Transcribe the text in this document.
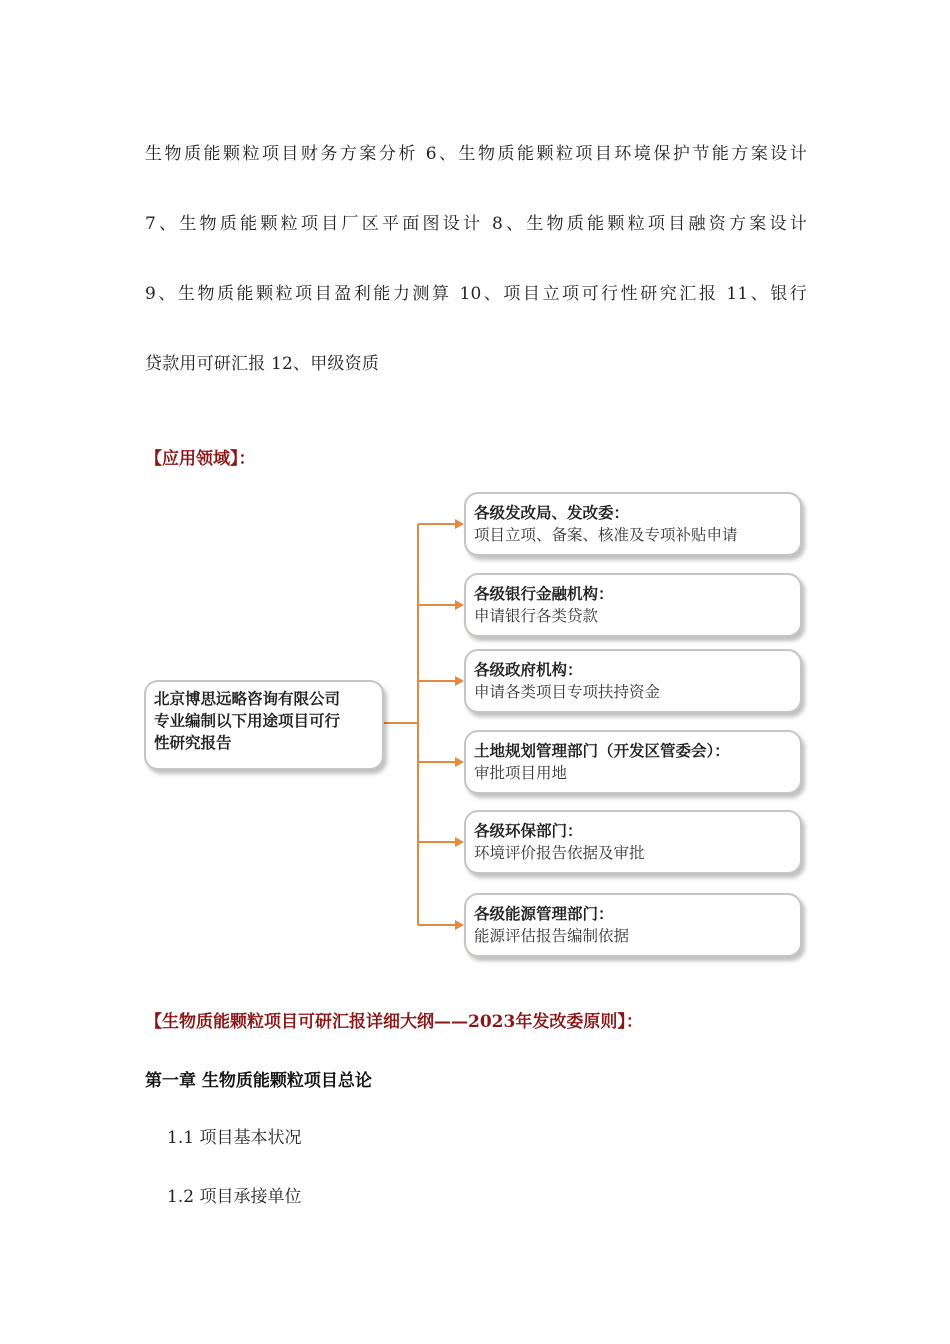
生物质能颗粒项目财务方案分析 6、生物质能颗粒项目环境保护节能方案设计
7、生物质能颗粒项目厂区平面图设计 8、生物质能颗粒项目融资方案设计
9、生物质能颗粒项目盈利能力测算 10、项目立项可行性研究汇报 11、银行
贷款用可研汇报 12、甲级资质
【应用领域】：
北京博思远略咨询有限公司
专业编制以下用途项目可行
性研究报告
各级发改局、发改委：
项目立项、备案、核准及专项补贴申请
各级银行金融机构：
申请银行各类贷款
各级政府机构：
申请各类项目专项扶持资金
土地规划管理部门（开发区管委会）：
审批项目用地
各级环保部门：
环境评价报告依据及审批
各级能源管理部门：
能源评估报告编制依据
【生物质能颗粒项目可研汇报详细大纲——2023年发改委原则】：
第一章 生物质能颗粒项目总论
1.1 项目基本状况
1.2 项目承接单位
